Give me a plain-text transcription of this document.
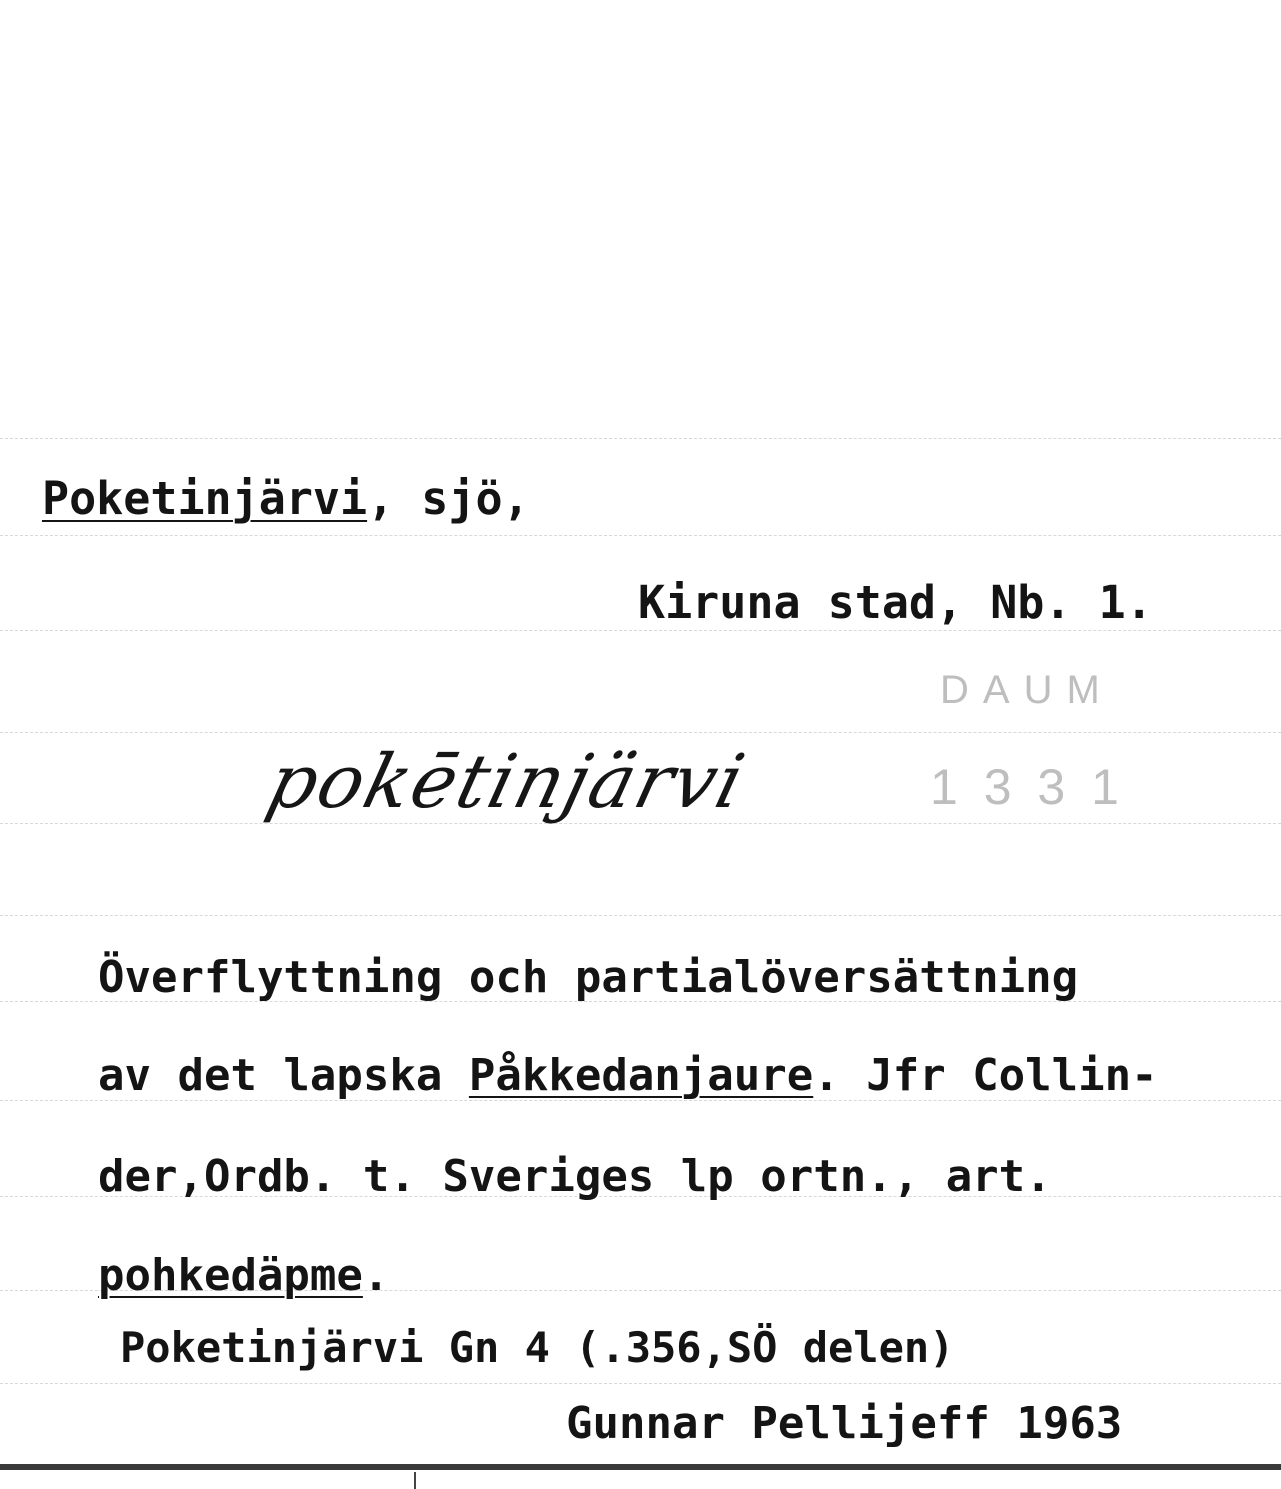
Poketinjärvi, sjö,
Kiruna stad, Nb. 1.
DAUM
1 3 3 1
pokētinjärvi
Överflyttning och partialöversättning
av det lapska Påkkedanjaure. Jfr Collin-
der,Ordb. t. Sveriges lp ortn., art.
pohkedäpme.
Poketinjärvi Gn 4 (.356,SÖ delen)
Gunnar Pellijeff 1963
